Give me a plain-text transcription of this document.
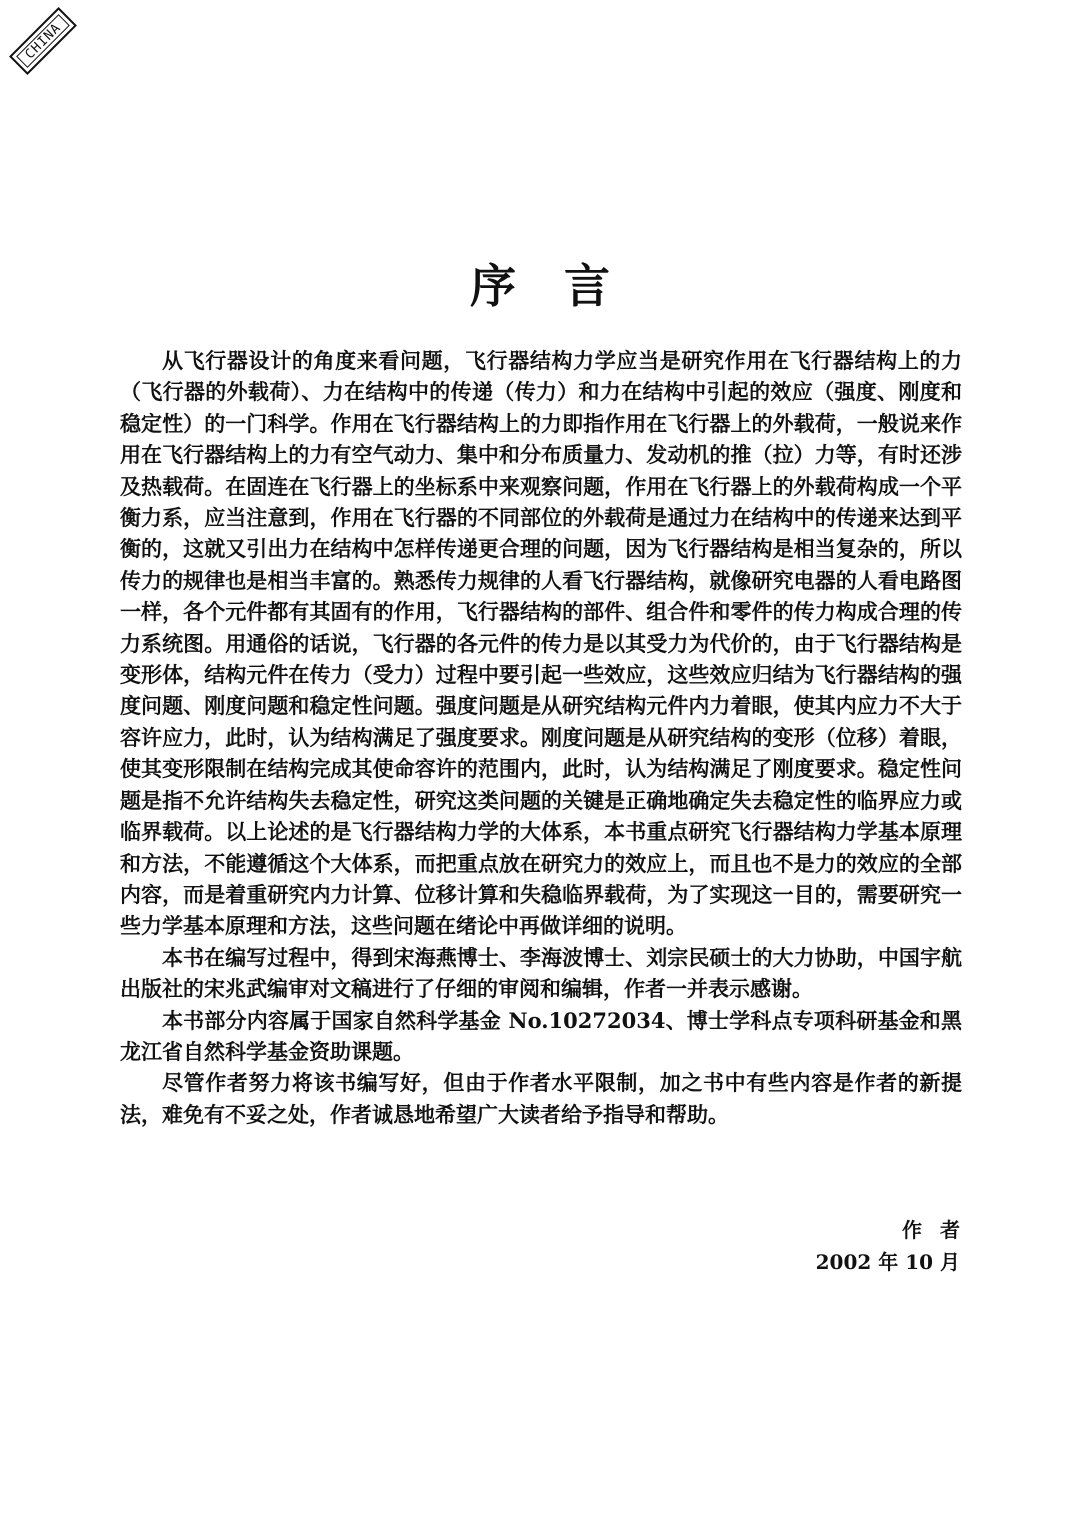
CHINA
序言

从飞行器设计的角度来看问题，飞行器结构力学应当是研究作用在飞行器结构上的力（飞行器的外载荷）、力在结构中的传递（传力）和力在结构中引起的效应（强度、刚度和稳定性）的一门科学。作用在飞行器结构上的力即指作用在飞行器上的外载荷，一般说来作用在飞行器结构上的力有空气动力、集中和分布质量力、发动机的推（拉）力等，有时还涉及热载荷。在固连在飞行器上的坐标系中来观察问题，作用在飞行器上的外载荷构成一个平衡力系，应当注意到，作用在飞行器的不同部位的外载荷是通过力在结构中的传递来达到平衡的，这就又引出力在结构中怎样传递更合理的问题，因为飞行器结构是相当复杂的，所以传力的规律也是相当丰富的。熟悉传力规律的人看飞行器结构，就像研究电器的人看电路图一样，各个元件都有其固有的作用，飞行器结构的部件、组合件和零件的传力构成合理的传力系统图。用通俗的话说，飞行器的各元件的传力是以其受力为代价的，由于飞行器结构是变形体，结构元件在传力（受力）过程中要引起一些效应，这些效应归结为飞行器结构的强度问题、刚度问题和稳定性问题。强度问题是从研究结构元件内力着眼，使其内应力不大于容许应力，此时，认为结构满足了强度要求。刚度问题是从研究结构的变形（位移）着眼，使其变形限制在结构完成其使命容许的范围内，此时，认为结构满足了刚度要求。稳定性问题是指不允许结构失去稳定性，研究这类问题的关键是正确地确定失去稳定性的临界应力或临界载荷。以上论述的是飞行器结构力学的大体系，本书重点研究飞行器结构力学基本原理和方法，不能遵循这个大体系，而把重点放在研究力的效应上，而且也不是力的效应的全部内容，而是着重研究内力计算、位移计算和失稳临界载荷，为了实现这一目的，需要研究一些力学基本原理和方法，这些问题在绪论中再做详细的说明。

本书在编写过程中，得到宋海燕博士、李海波博士、刘宗民硕士的大力协助，中国宇航出版社的宋兆武编审对文稿进行了仔细的审阅和编辑，作者一并表示感谢。

本书部分内容属于国家自然科学基金 No.10272034、博士学科点专项科研基金和黑龙江省自然科学基金资助课题。

尽管作者努力将该书编写好，但由于作者水平限制，加之书中有些内容是作者的新提法，难免有不妥之处，作者诚恳地希望广大读者给予指导和帮助。

作者
2002 年 10 月
